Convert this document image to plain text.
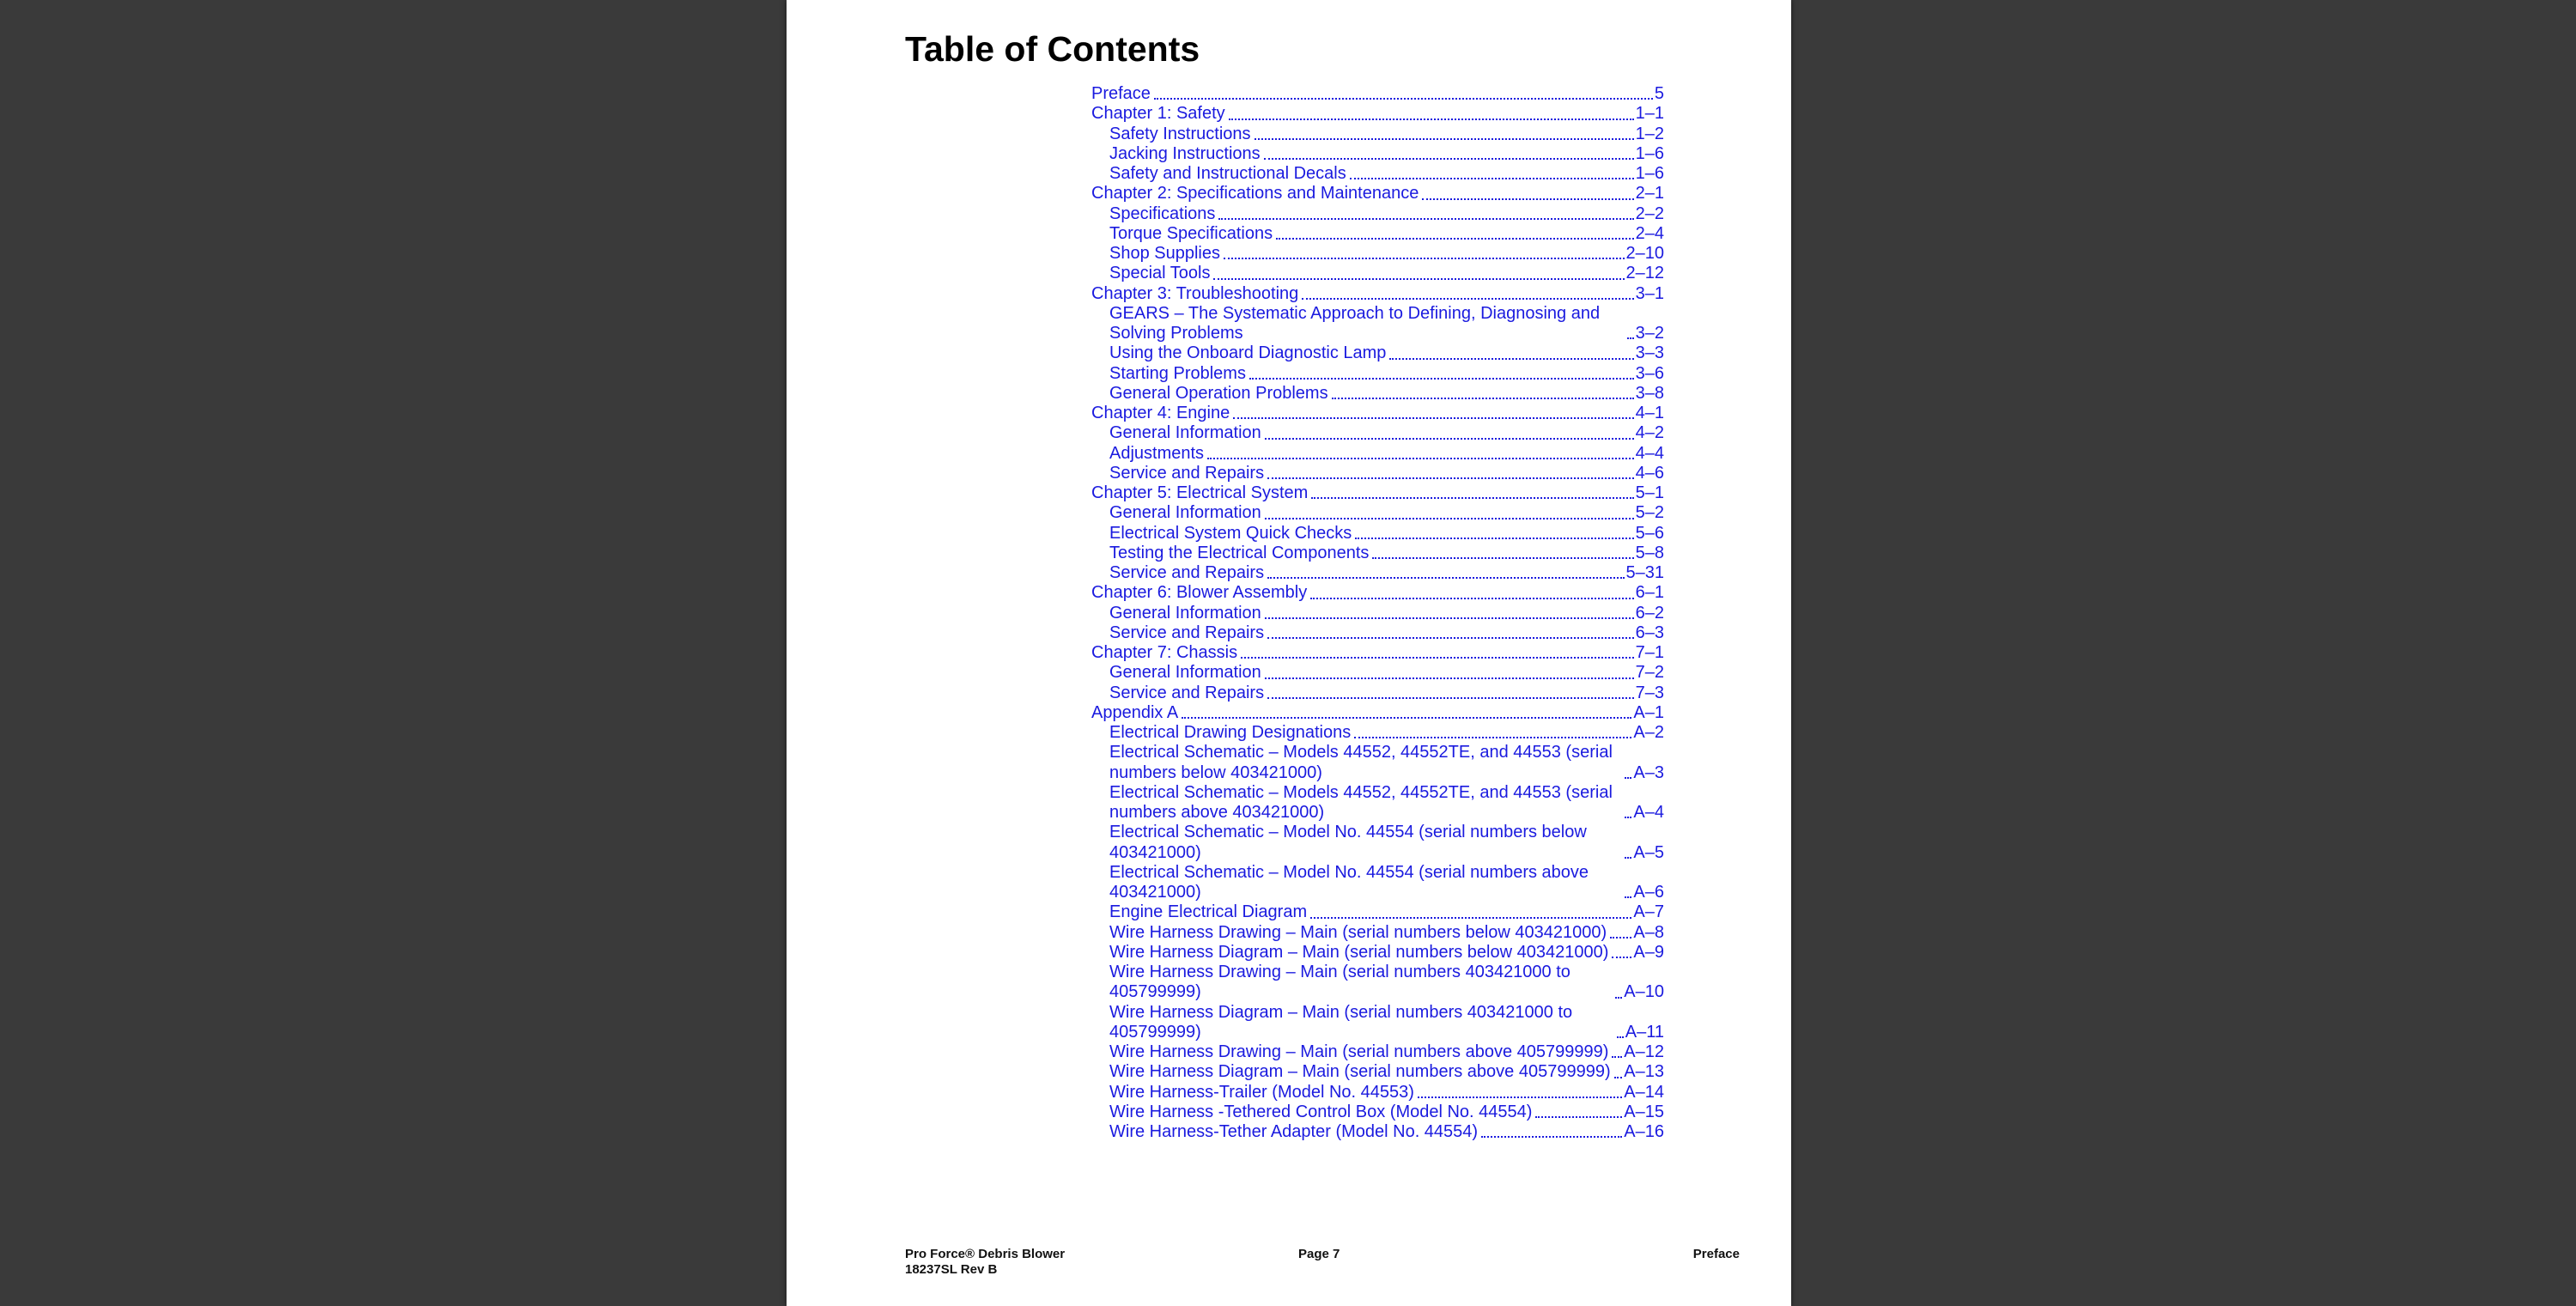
Table of Contents
Preface	5
Chapter 1: Safety	1–1
Safety Instructions	1–2
Jacking Instructions	1–6
Safety and Instructional Decals	1–6
Chapter 2: Specifications and Maintenance	2–1
Specifications	2–2
Torque Specifications	2–4
Shop Supplies	2–10
Special Tools	2–12
Chapter 3: Troubleshooting	3–1
GEARS – The Systematic Approach to Defining, Diagnosing and Solving Problems	3–2
Using the Onboard Diagnostic Lamp	3–3
Starting Problems	3–6
General Operation Problems	3–8
Chapter 4: Engine	4–1
General Information	4–2
Adjustments	4–4
Service and Repairs	4–6
Chapter 5: Electrical System	5–1
General Information	5–2
Electrical System Quick Checks	5–6
Testing the Electrical Components	5–8
Service and Repairs	5–31
Chapter 6: Blower Assembly	6–1
General Information	6–2
Service and Repairs	6–3
Chapter 7: Chassis	7–1
General Information	7–2
Service and Repairs	7–3
Appendix A	A–1
Electrical Drawing Designations	A–2
Electrical Schematic – Models 44552, 44552TE, and 44553 (serial numbers below 403421000)	A–3
Electrical Schematic – Models 44552, 44552TE, and 44553 (serial numbers above 403421000)	A–4
Electrical Schematic – Model No. 44554 (serial numbers below 403421000)	A–5
Electrical Schematic – Model No. 44554 (serial numbers above 403421000)	A–6
Engine Electrical Diagram	A–7
Wire Harness Drawing – Main (serial numbers below 403421000) A–8
Wire Harness Diagram – Main (serial numbers below 403421000) A–9
Wire Harness Drawing – Main (serial numbers 403421000 to 405799999)	A–10
Wire Harness Diagram – Main (serial numbers 403421000 to 405799999)	A–11
Wire Harness Drawing – Main (serial numbers above 405799999) A–12
Wire Harness Diagram – Main (serial numbers above 405799999) A–13
Wire Harness-Trailer (Model No. 44553)	A–14
Wire Harness -Tethered Control Box (Model No. 44554)	A–15
Wire Harness-Tether Adapter (Model No. 44554)	A–16
Pro Force® Debris Blower
18237SL Rev B
Page 7	Preface
